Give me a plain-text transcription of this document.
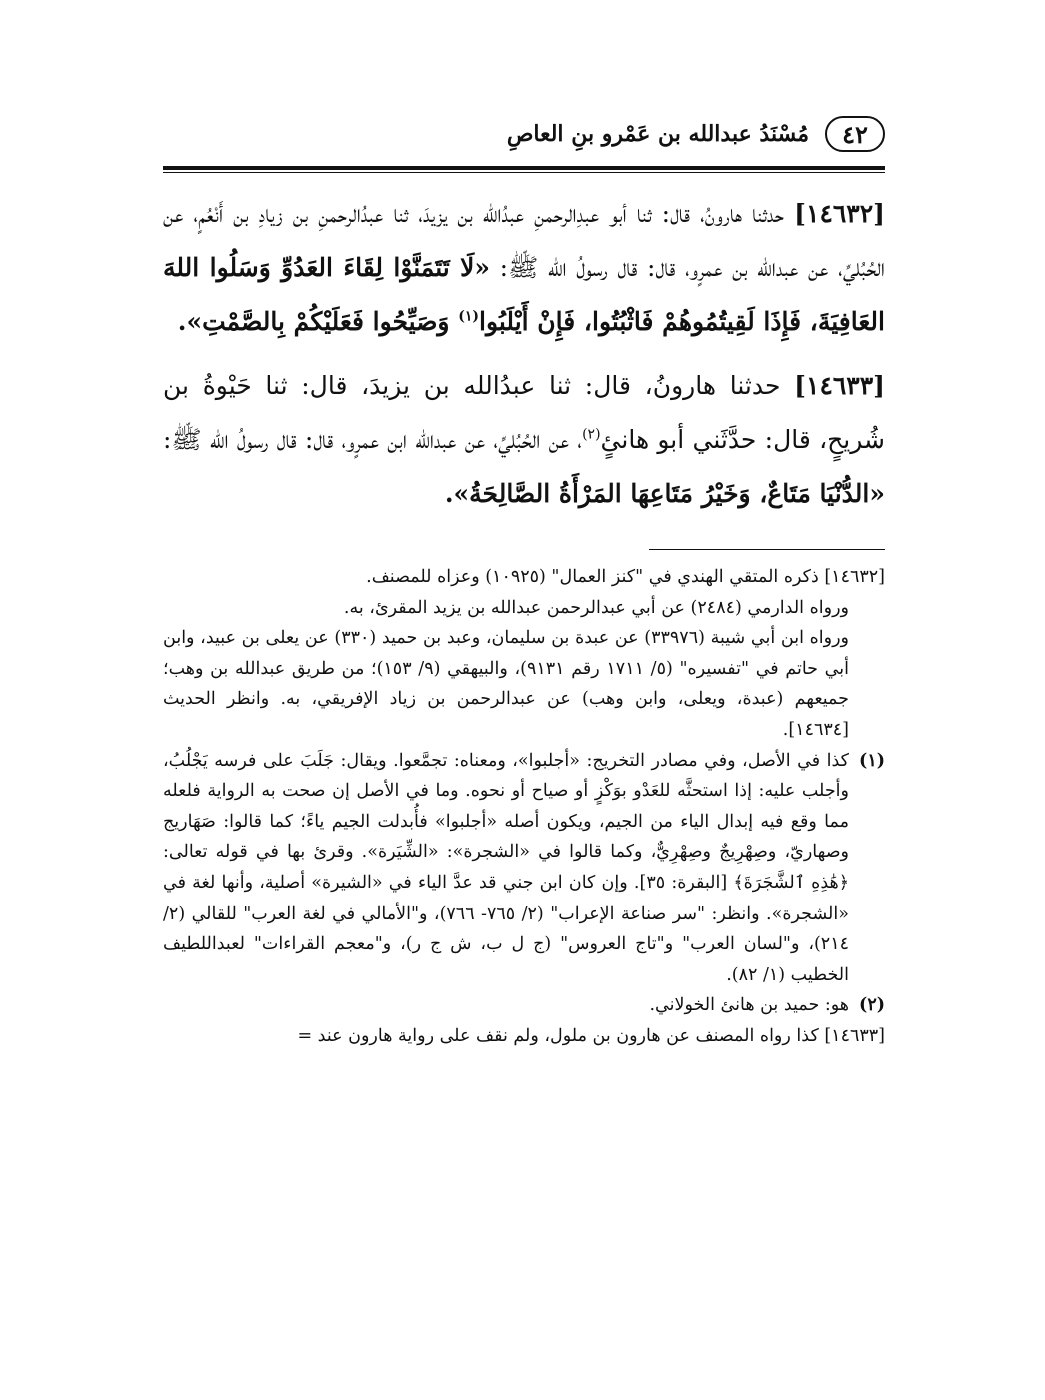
٤٢
مُسْنَدُ عبدالله بن عَمْرو بنِ العاصِ

[١٤٦٣٢] حدثنا هارونُ، قال: ثنا أبو عبدِالرحمنِ عبدُالله بن يزيدَ، ثنا عبدُالرحمنِ بن زيادِ بن أَنْعُمٍ، عن الحُبُليِّ، عن عبدالله بن عمرٍو، قال: قال رسولُ الله ﷺ: «لَا تَتَمَنَّوْا لِقَاءَ العَدُوِّ وَسَلُوا اللهَ العَافِيَةَ، فَإِذَا لَقِيتُمُوهُمْ فَاثْبُتُوا، فَإِنْ أَيْلَبُوا$^{(١)}$ وَصَيِّحُوا فَعَلَيْكُمْ بِالصَّمْتِ».

[١٤٦٣٣] حدثنا هارونُ، قال: ثنا عبدُالله بن يزيدَ، قال: ثنا حَيْوةُ بن شُريحٍ، قال: حدَّثَني أبو هانئٍ$^{(٢)}$، عن الحُبُليِّ، عن عبدالله ابن عمرٍو، قال: قال رسولُ الله ﷺ: «الدُّنْيَا مَتَاعٌ، وَخَيْرُ مَتَاعِهَا المَرْأَةُ الصَّالِحَةُ».

[١٤٦٣٢] ذكره المتقي الهندي في "كنز العمال" (١٠٩٢٥) وعزاه للمصنف.

ورواه الدارمي (٢٤٨٤) عن أبي عبدالرحمن عبدالله بن يزيد المقرئ، به.

ورواه ابن أبي شيبة (٣٣٩٧٦) عن عبدة بن سليمان، وعبد بن حميد (٣٣٠) عن يعلى بن عبيد، وابن أبي حاتم في "تفسيره" (٥/ ١٧١١ رقم ٩١٣١)، والبيهقي (٩/ ١٥٣)؛ من طريق عبدالله بن وهب؛ جميعهم (عبدة، ويعلى، وابن وهب) عن عبدالرحمن بن زياد الإفريقي، به. وانظر الحديث [١٤٦٣٤].

(١)
كذا في الأصل، وفي مصادر التخريج: «أجلبوا»، ومعناه: تجمَّعوا. ويقال: جَلَبَ على فرسه يَجْلُبُ، وأجلب عليه: إذا استحثَّه للعَدْو بوَكْزٍ أو صياح أو نحوه. وما في الأصل إن صحت به الرواية فلعله مما وقع فيه إبدال الياء من الجيم، ويكون أصله «أجلبوا» فأُبدلت الجيم ياءً؛ كما قالوا: صَهَاريج وصهاريّ، وصِهْرِيجٌ وصِهْرِيٌّ، وكما قالوا في «الشجرة»: «الشِّيَرة». وقرئ بها في قوله تعالى: ﴿هَٰذِهِ ٱلشَّجَرَةَ﴾ [البقرة: ٣٥]. وإن كان ابن جني قد عدَّ الياء في «الشيرة» أصلية، وأنها لغة في «الشجرة». وانظر: "سر صناعة الإعراب" (٢/ ٧٦٥- ٧٦٦)، و"الأمالي في لغة العرب" للقالي (٢/ ٢١٤)، و"لسان العرب" و"تاج العروس" (ج ل ب، ش ج ر)، و"معجم القراءات" لعبداللطيف الخطيب (١/ ٨٢).
(٢)
هو: حميد بن هانئ الخولاني.

[١٤٦٣٣] كذا رواه المصنف عن هارون بن ملول، ولم نقف على رواية هارون عند =
